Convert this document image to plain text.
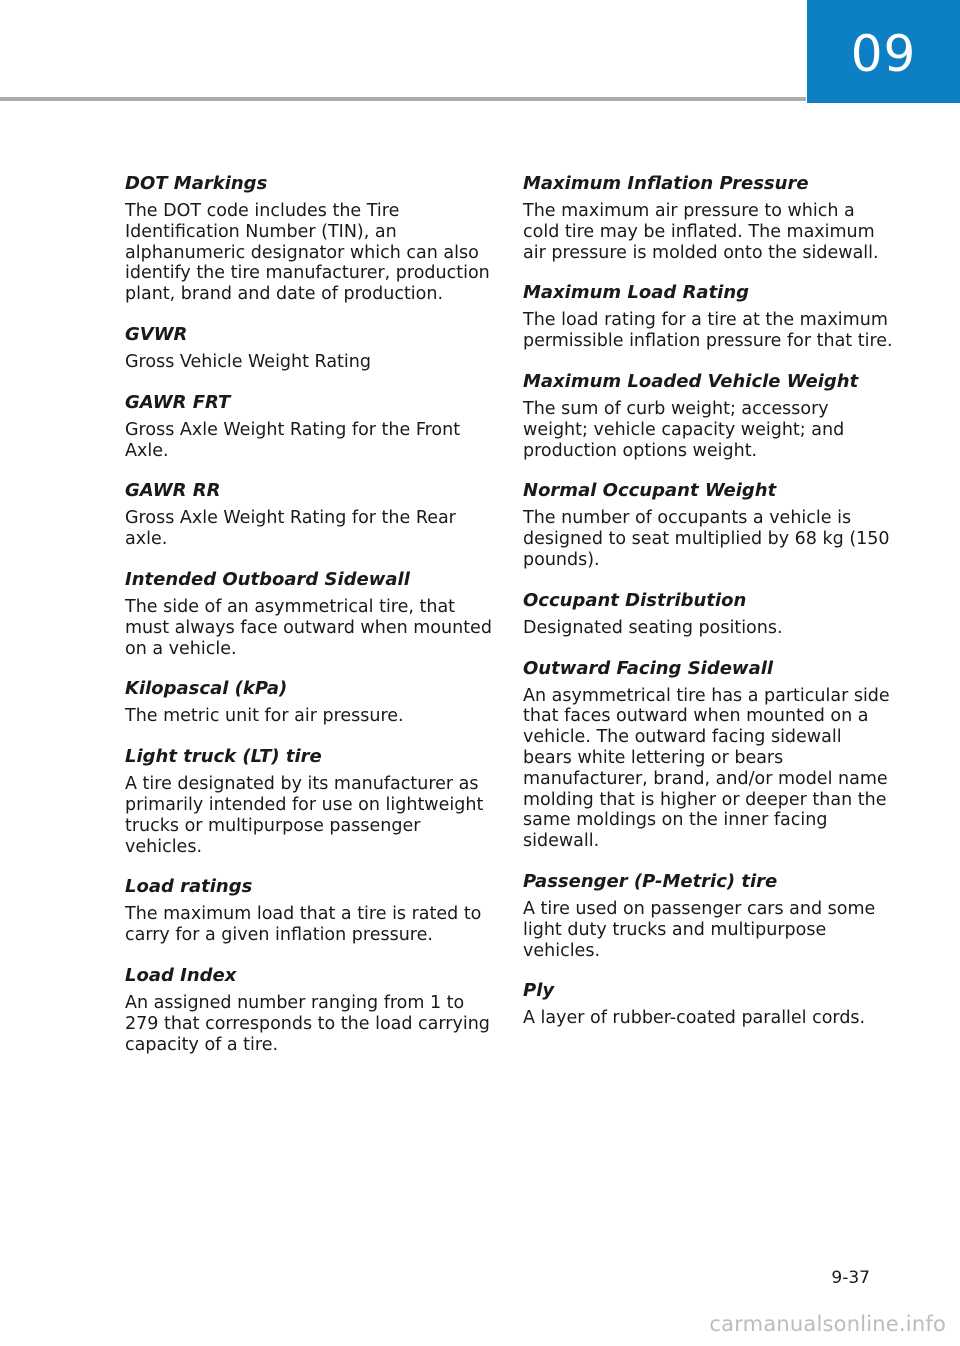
09

DOT Markings

The DOT code includes the Tire Identification Number (TIN), an alphanumeric designator which can also identify the tire manufacturer, production plant, brand and date of production.

GVWR

Gross Vehicle Weight Rating

GAWR FRT

Gross Axle Weight Rating for the Front Axle.

GAWR RR

Gross Axle Weight Rating for the Rear axle.

Intended Outboard Sidewall

The side of an asymmetrical tire, that must always face outward when mounted on a vehicle.

Kilopascal (kPa)

The metric unit for air pressure.

Light truck (LT) tire

A tire designated by its manufacturer as primarily intended for use on lightweight trucks or multipurpose passenger vehicles.

Load ratings

The maximum load that a tire is rated to carry for a given inflation pressure.

Load Index

An assigned number ranging from 1 to 279 that corresponds to the load carrying capacity of a tire.

Maximum Inflation Pressure

The maximum air pressure to which a cold tire may be inflated. The maximum air pressure is molded onto the sidewall.

Maximum Load Rating

The load rating for a tire at the maximum permissible inflation pressure for that tire.

Maximum Loaded Vehicle Weight

The sum of curb weight; accessory weight; vehicle capacity weight; and production options weight.

Normal Occupant Weight

The number of occupants a vehicle is designed to seat multiplied by 68 kg (150 pounds).

Occupant Distribution

Designated seating positions.

Outward Facing Sidewall

An asymmetrical tire has a particular side that faces outward when mounted on a vehicle. The outward facing sidewall bears white lettering or bears manufacturer, brand, and/or model name molding that is higher or deeper than the same moldings on the inner facing sidewall.

Passenger (P-Metric) tire

A tire used on passenger cars and some light duty trucks and multipurpose vehicles.

Ply

A layer of rubber-coated parallel cords.

9-37
carmanualsonline.info
